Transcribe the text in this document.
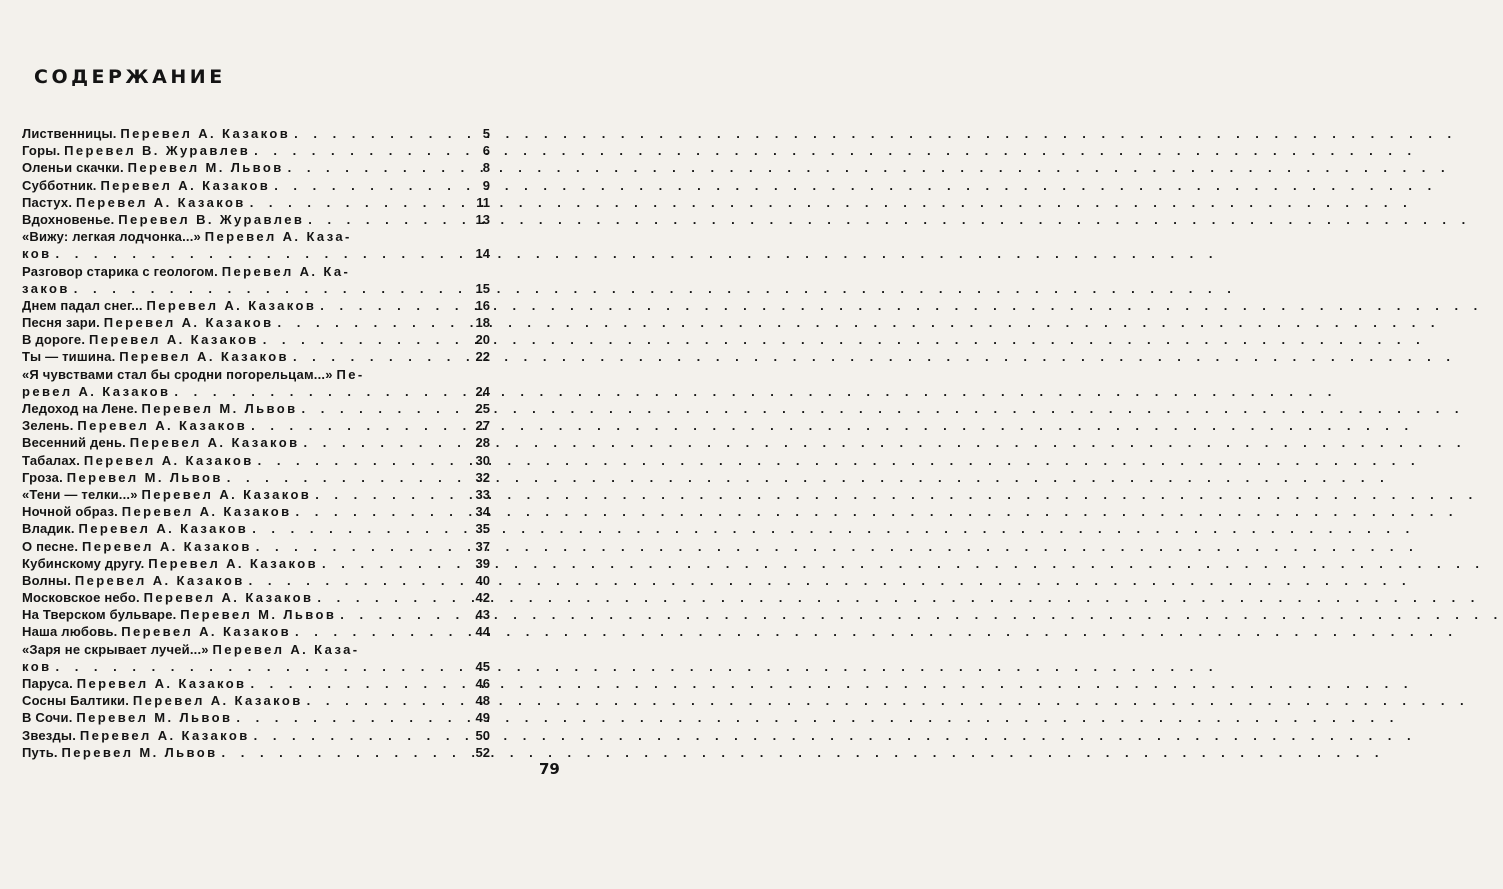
СОДЕРЖАНИЕ
Лиственницы. Перевел А. Казаков . . .	5
Горы. Перевел В. Журавлев . . .	6
Оленьи скачки. Перевел М. Львов . . .	8
Субботник. Перевел А. Казаков . . .	9
Пастух. Перевел А. Казаков . . .	11
Вдохновенье. Перевел В. Журавлев . . .	13
«Вижу: легкая лодчонка...» Перевел А. Каза-
ков . . .	14
Разговор старика с геологом. Перевел А. Ка-
заков . . .	15
Днем падал снег... Перевел А. Казаков . . .	16
Песня зари. Перевел А. Казаков . . .	18
В дороге. Перевел А. Казаков . . .	20
Ты — тишина. Перевел А. Казаков . . .	22
«Я чувствами стал бы сродни погорельцам...» Пе-
ревел А. Казаков . . .	24
Ледоход на Лене. Перевел М. Львов . . .	25
Зелень. Перевел А. Казаков . . .	27
Весенний день. Перевел А. Казаков . . .	28
Табалах. Перевел А. Казаков . . .	30
Гроза. Перевел М. Львов . . .	32
«Тени — телки...» Перевел А. Казаков . . .	33
Ночной образ. Перевел А. Казаков . . .	34
Владик. Перевел А. Казаков . . .	35
О песне. Перевел А. Казаков . . .	37
Кубинскому другу. Перевел А. Казаков . . .	39
Волны. Перевел А. Казаков . . .	40
Московское небо. Перевел А. Казаков . . .	42
На Тверском бульваре. Перевел М. Львов . . .	43
Наша любовь. Перевел А. Казаков . . .	44
«Заря не скрывает лучей...» Перевел А. Каза-
ков . . .	45
Паруса. Перевел А. Казаков . . .	46
Сосны Балтики. Перевел А. Казаков . . .	48
В Сочи. Перевел М. Львов . . .	49
Звезды. Перевел А. Казаков . . .	50
Путь. Перевел М. Львов . . .	52
79
